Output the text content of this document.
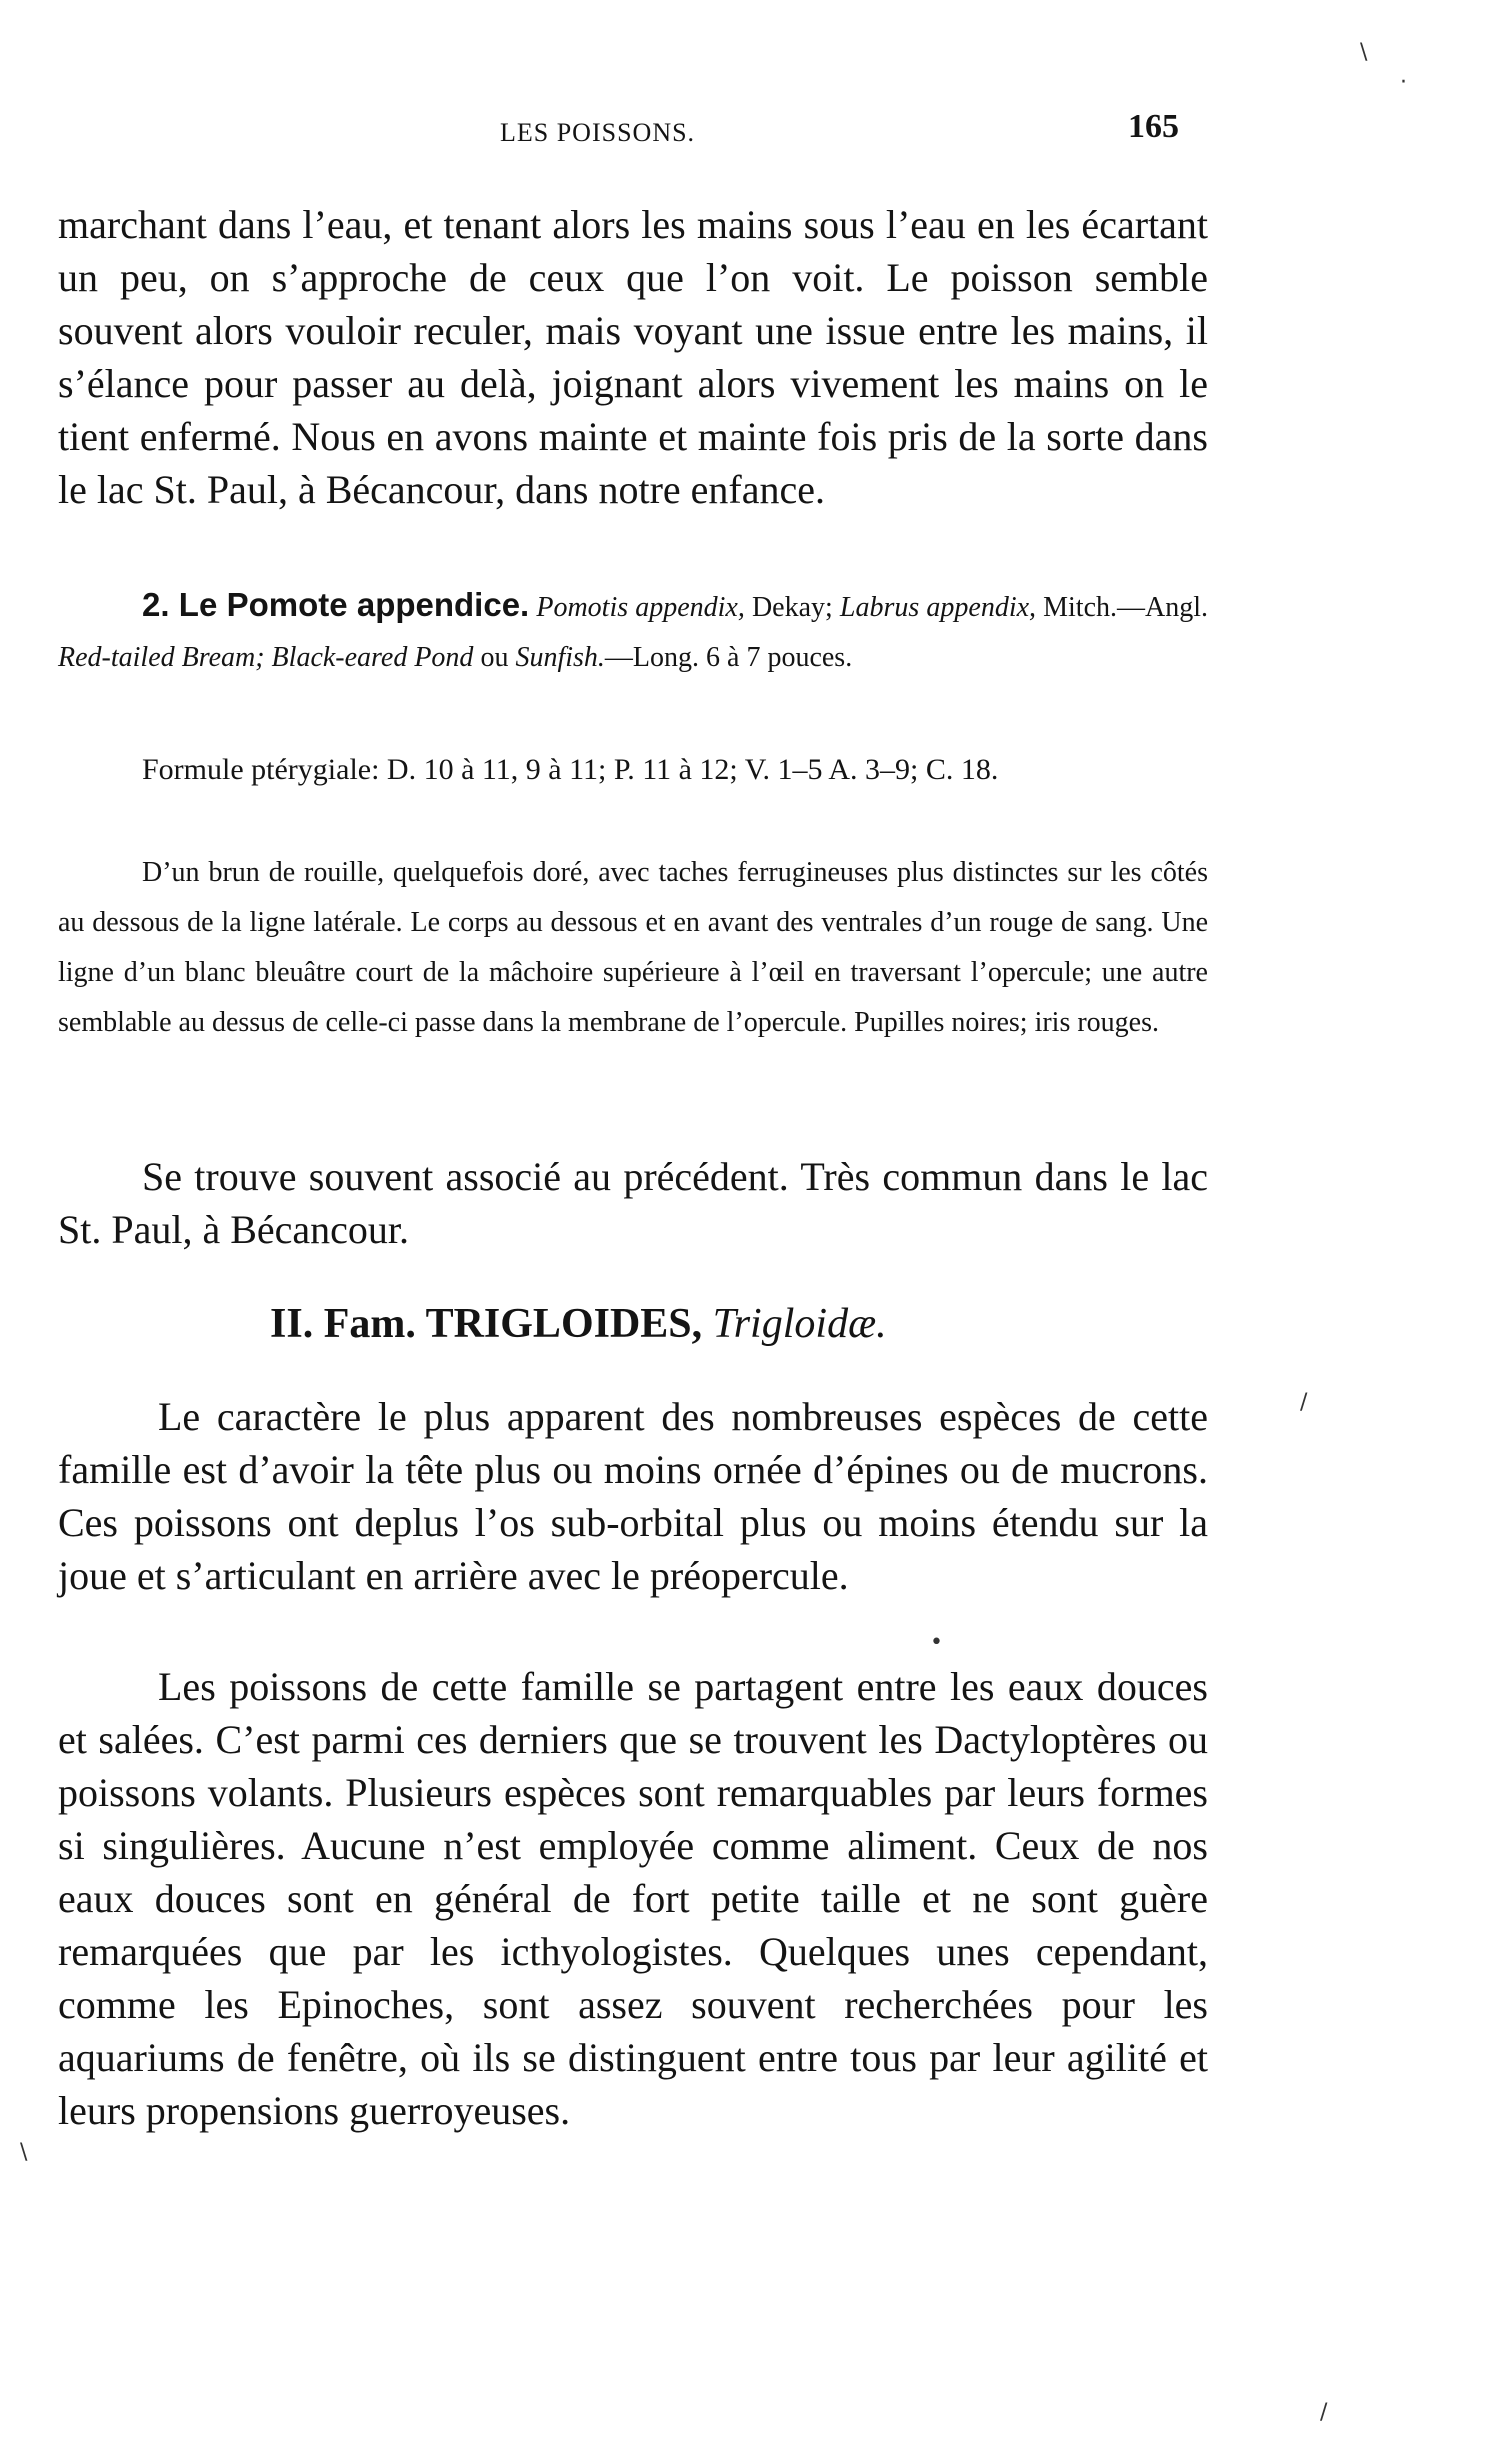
LES POISSONS.	165

marchant dans l’eau, et tenant alors les mains sous l’eau en les écartant un peu, on s’approche de ceux que l’on voit. Le poisson semble souvent alors vouloir reculer, mais voyant une issue entre les mains, il s’élance pour passer au delà, joignant alors vivement les mains on le tient enfermé. Nous en avons mainte et mainte fois pris de la sorte dans le lac St. Paul, à Bécancour, dans notre enfance.

2. Le Pomote appendice. Pomotis appendix, Dekay; Labrus appendix, Mitch.—Angl. Red-tailed Bream; Black-eared Pond ou Sunfish.—Long. 6 à 7 pouces.

Formule ptérygiale: D. 10 à 11, 9 à 11; P. 11 à 12; V. 1–5 A. 3–9; C. 18.

D’un brun de rouille, quelquefois doré, avec taches ferrugineuses plus distinctes sur les côtés au dessous de la ligne latérale. Le corps au dessous et en avant des ventrales d’un rouge de sang. Une ligne d’un blanc bleuâtre court de la mâchoire supérieure à l’œil en traversant l’opercule; une autre semblable au dessus de celle-ci passe dans la membrane de l’opercule. Pupilles noires; iris rouges.

Se trouve souvent associé au précédent. Très commun dans le lac St. Paul, à Bécancour.

II. Fam. TRIGLOIDES, Trigloidæ.

Le caractère le plus apparent des nombreuses espèces de cette famille est d’avoir la tête plus ou moins ornée d’épines ou de mucrons. Ces poissons ont deplus l’os sub-orbital plus ou moins étendu sur la joue et s’articulant en arrière avec le préopercule.

Les poissons de cette famille se partagent entre les eaux douces et salées. C’est parmi ces derniers que se trouvent les Dactyloptères ou poissons volants. Plusieurs espèces sont remarquables par leurs formes si singulières. Aucune n’est employée comme aliment. Ceux de nos eaux douces sont en général de fort petite taille et ne sont guère remarquées que par les icthyologistes. Quelques unes cependant, comme les Epinoches, sont assez souvent recherchées pour les aquariums de fenêtre, où ils se distinguent entre tous par leur agilité et leurs propensions guerroyeuses.

\
·
/
•
\
/
